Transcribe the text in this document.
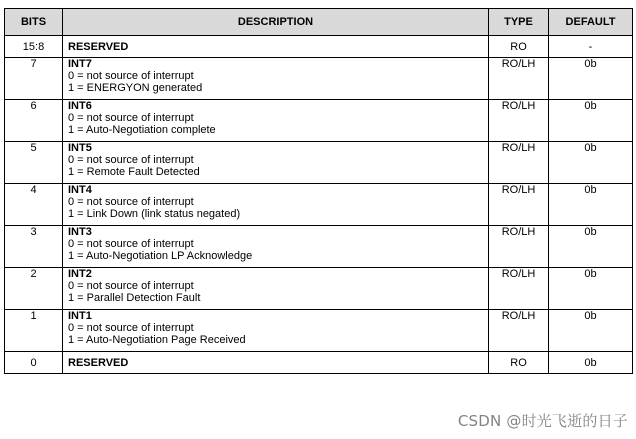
BITS	DESCRIPTION	TYPE	DEFAULT
15:8	RESERVED	RO	-
7	INT7
0 = not source of interrupt
1 = ENERGYON generated	RO/LH	0b
6	INT6
0 = not source of interrupt
1 = Auto-Negotiation complete	RO/LH	0b
5	INT5
0 = not source of interrupt
1 = Remote Fault Detected	RO/LH	0b
4	INT4
0 = not source of interrupt
1 = Link Down (link status negated)	RO/LH	0b
3	INT3
0 = not source of interrupt
1 = Auto-Negotiation LP Acknowledge	RO/LH	0b
2	INT2
0 = not source of interrupt
1 = Parallel Detection Fault	RO/LH	0b
1	INT1
0 = not source of interrupt
1 = Auto-Negotiation Page Received	RO/LH	0b
0	RESERVED	RO	0b
CSDN @时光飞逝的日子
